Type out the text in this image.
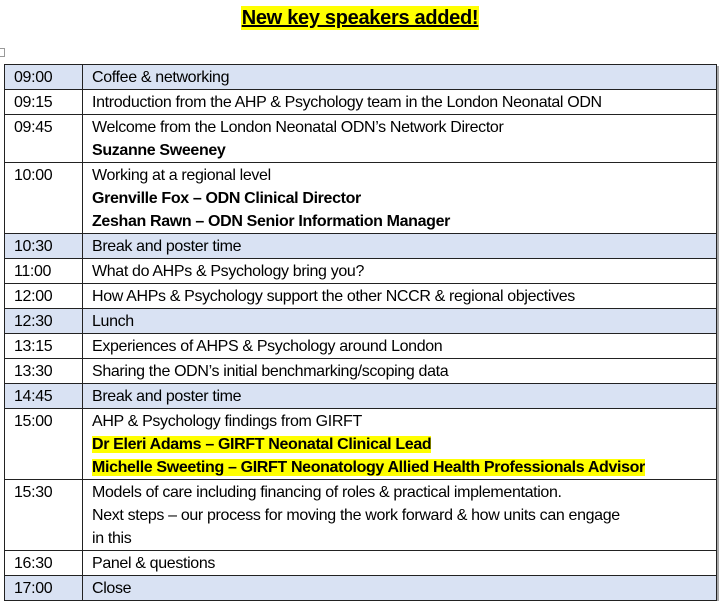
New key speakers added!
09:00	Coffee & networking

09:15	Introduction from the AHP & Psychology team in the London Neonatal ODN

09:45	Welcome from the London Neonatal ODN’s Network Director
Suzanne Sweeney

10:00	Working at a regional level
Grenville Fox – ODN Clinical Director
Zeshan Rawn – ODN Senior Information Manager

10:30	Break and poster time

11:00	What do AHPs & Psychology bring you?

12:00	How AHPs & Psychology support the other NCCR & regional objectives

12:30	Lunch

13:15	Experiences of AHPS & Psychology around London

13:30	Sharing the ODN’s initial benchmarking/scoping data

14:45	Break and poster time

15:00	AHP & Psychology findings from GIRFT
Dr Eleri Adams – GIRFT Neonatal Clinical Lead
Michelle Sweeting – GIRFT Neonatology Allied Health Professionals Advisor

15:30	Models of care including financing of roles & practical implementation.
Next steps – our process for moving the work forward & how units can engage
in this

16:30	Panel & questions

17:00	Close
